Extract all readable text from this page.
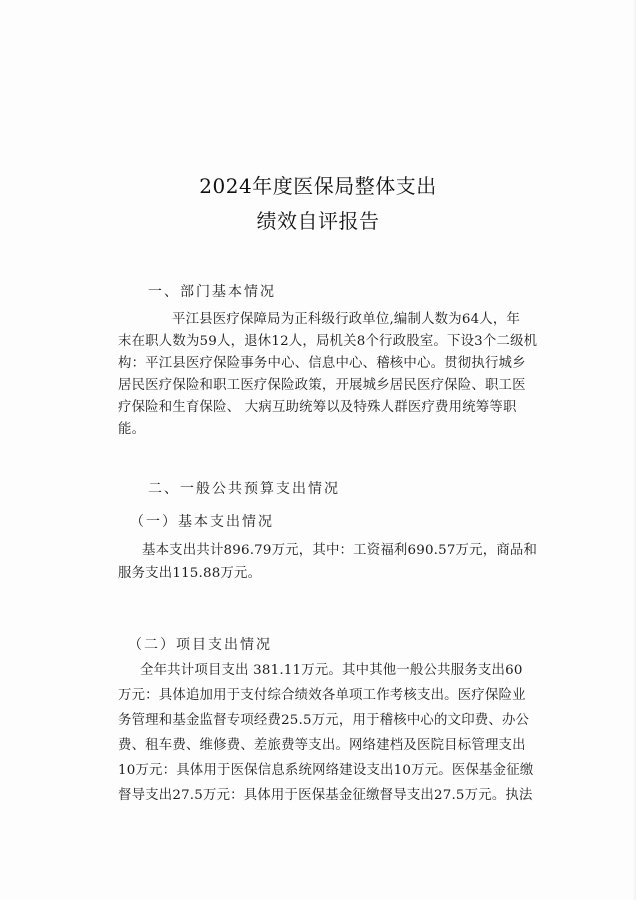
2024年度医保局整体支出
绩效自评报告
一、部门基本情况
平江县医疗保障局为正科级行政单位,编制人数为64人，年
末在职人数为59人，退休12人，局机关8个行政股室。下设3个二级机
构：平江县医疗保险事务中心、信息中心、稽核中心。贯彻执行城乡
居民医疗保险和职工医疗保险政策，开展城乡居民医疗保险、职工医
疗保险和生育保险、 大病互助统筹以及特殊人群医疗费用统筹等职
能。
二、一般公共预算支出情况
（一）基本支出情况
基本支出共计896.79万元，其中：工资福利690.57万元，商品和
服务支出115.88万元。
（二）项目支出情况
全年共计项目支出 381.11万元。其中其他一般公共服务支出60
万元：具体追加用于支付综合绩效各单项工作考核支出。医疗保险业
务管理和基金监督专项经费25.5万元，用于稽核中心的文印费、办公
费、租车费、维修费、差旅费等支出。网络建档及医院目标管理支出
10万元：具体用于医保信息系统网络建设支出10万元。医保基金征缴
督导支出27.5万元：具体用于医保基金征缴督导支出27.5万元。执法
